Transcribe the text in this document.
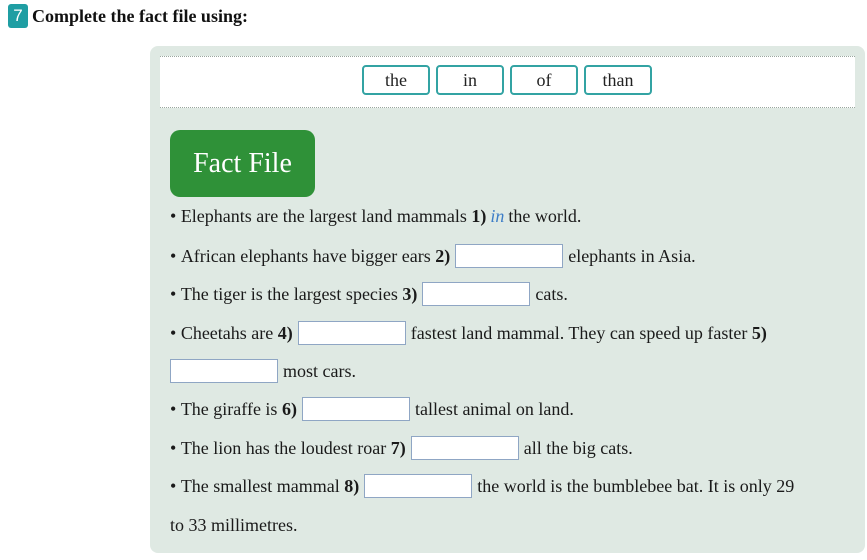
7 Complete the fact file using:
the	in	of	than
Fact File
•
Elephants are the largest land mammals
1) in the world.
•
African elephants have bigger ears
2)	elephants in Asia.
•
The tiger is the largest species
3)	cats.
•
Cheetahs are
4)	fastest land mammal. They can speed up faster
5)
most cars.
•
The giraffe is
6)	tallest animal on land.
•
The lion has the loudest roar
7)	all the big cats.
•
The smallest mammal
8)	the world is the bumblebee bat. It is only 29
to 33 millimetres.
